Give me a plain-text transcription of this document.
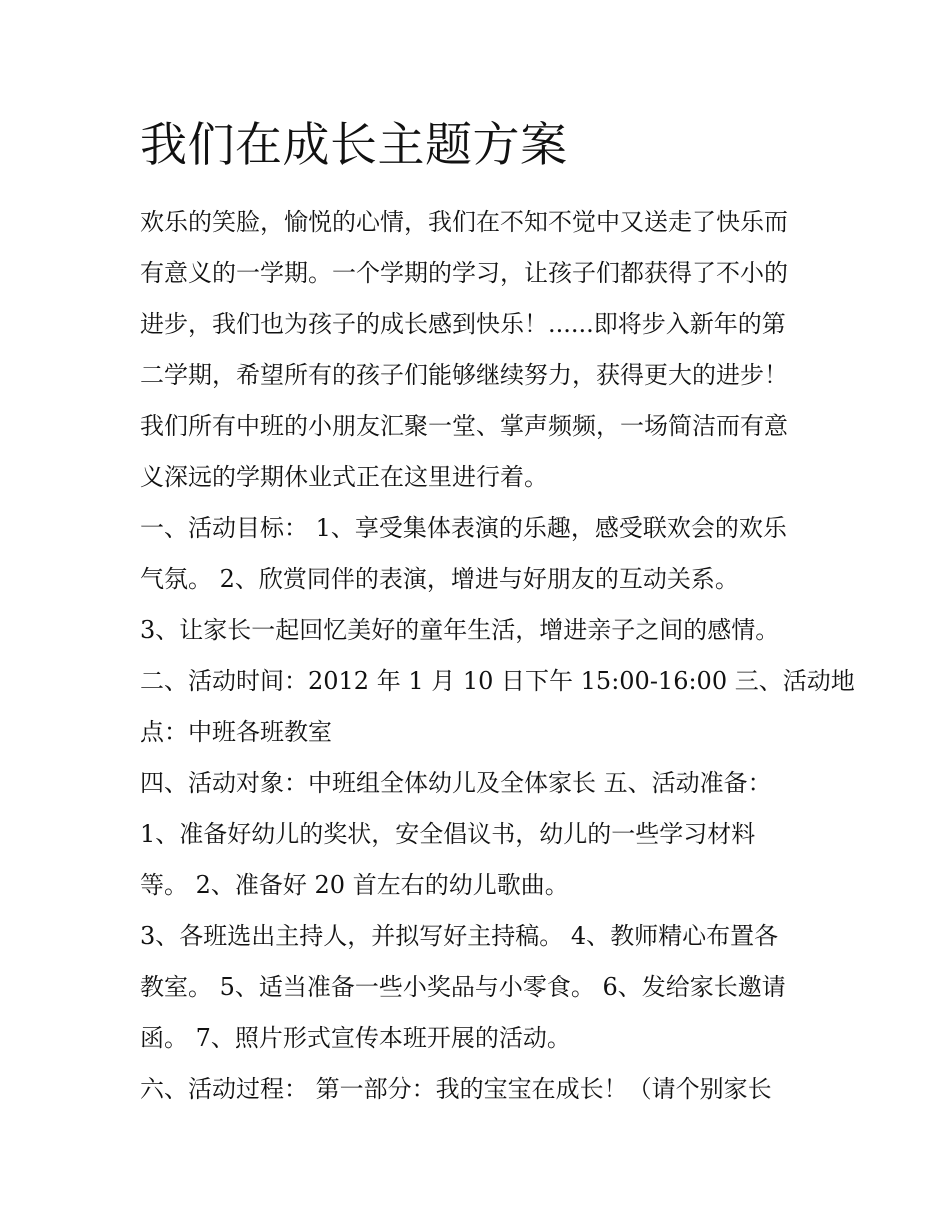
我们在成长主题方案

欢乐的笑脸，愉悦的心情，我们在不知不觉中又送走了快乐而

有意义的一学期。一个学期的学习，让孩子们都获得了不小的

进步，我们也为孩子的成长感到快乐！......即将步入新年的第

二学期，希望所有的孩子们能够继续努力，获得更大的进步！

我们所有中班的小朋友汇聚一堂、掌声频频，一场简洁而有意

义深远的学期休业式正在这里进行着。

一、活动目标： 1、享受集体表演的乐趣，感受联欢会的欢乐

气氛。 2、欣赏同伴的表演，增进与好朋友的互动关系。

3、让家长一起回忆美好的童年生活，增进亲子之间的感情。

二、活动时间：2012 年 1 月 10 日下午 15:00-16:00 三、活动地

点：中班各班教室

四、活动对象：中班组全体幼儿及全体家长 五、活动准备：

1、准备好幼儿的奖状，安全倡议书，幼儿的一些学习材料

等。 2、准备好 20 首左右的幼儿歌曲。

3、各班选出主持人，并拟写好主持稿。 4、教师精心布置各

教室。 5、适当准备一些小奖品与小零食。 6、发给家长邀请

函。 7、照片形式宣传本班开展的活动。

六、活动过程： 第一部分：我的宝宝在成长！（请个别家长
